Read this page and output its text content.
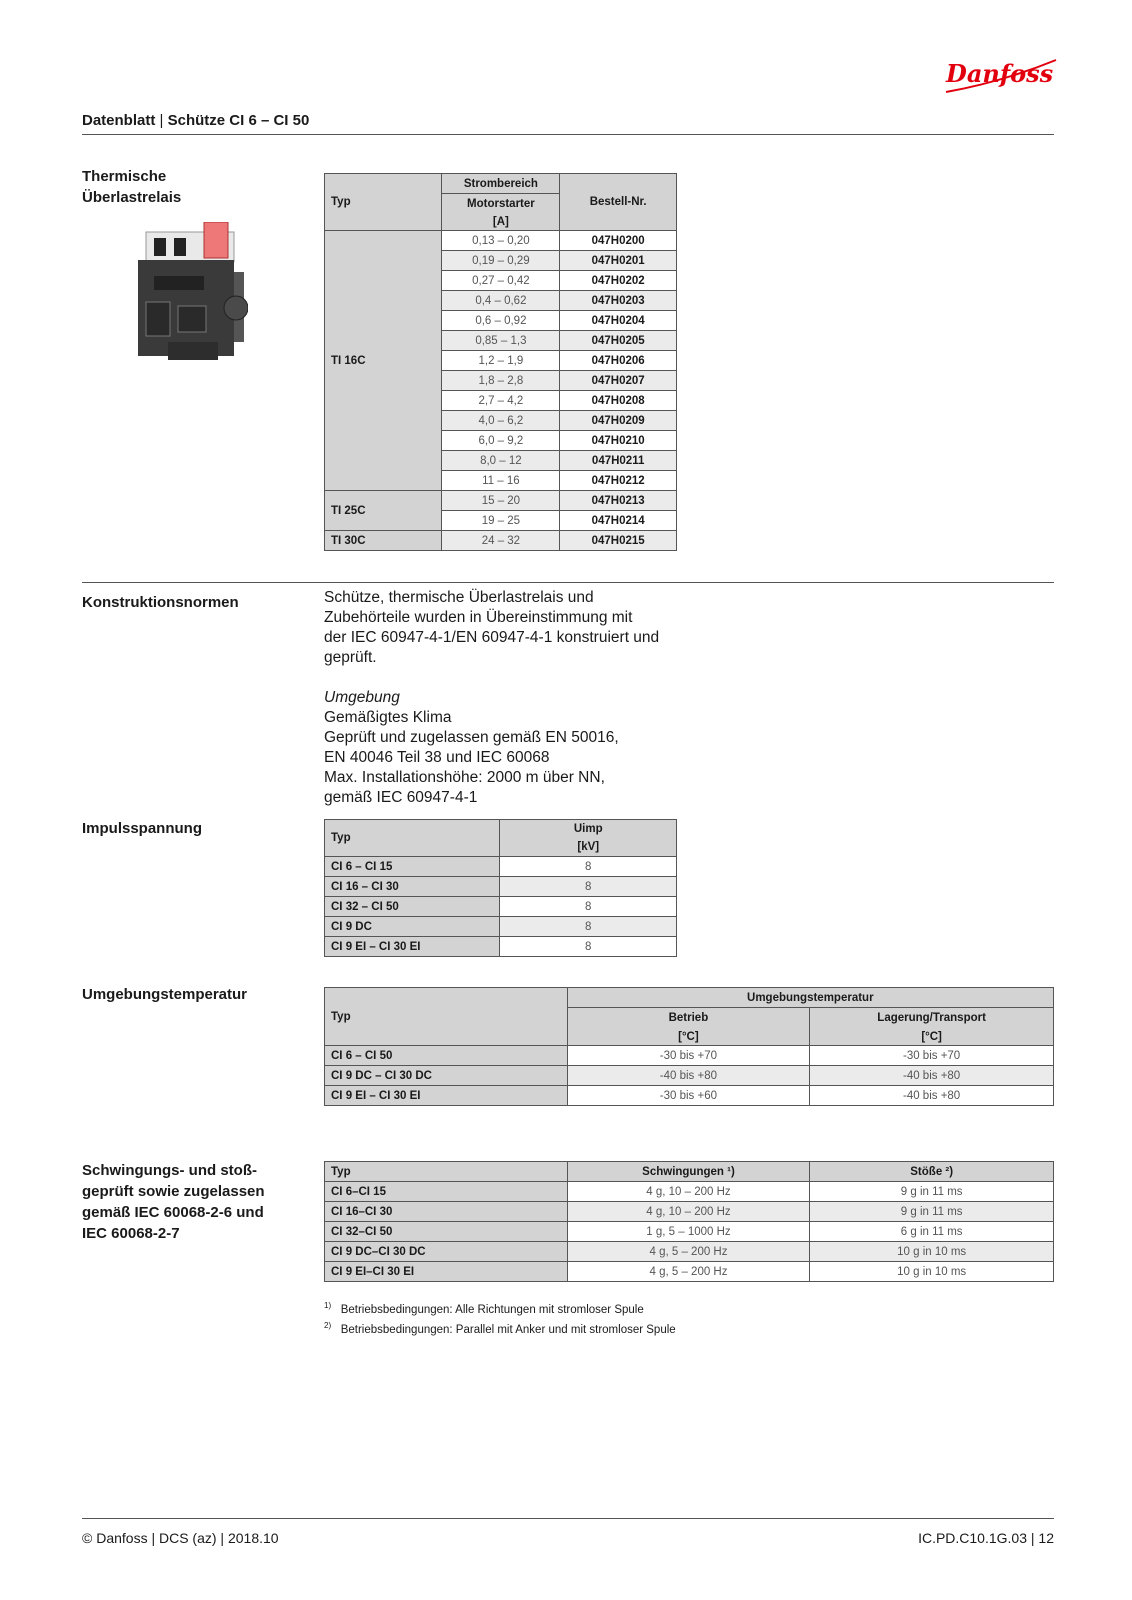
Danfoss
Datenblatt | Schütze CI 6 – CI 50
Thermische
Überlastrelais	Typ	Strombereich	Bestell-Nr.
	Motorstarter	
	[A]	
TI 16C	0,13 – 0,20	047H0200
	0,19 – 0,29	047H0201
	0,27 – 0,42	047H0202
	0,4 – 0,62	047H0203
	0,6 – 0,92	047H0204
	0,85 – 1,3	047H0205
	1,2 – 1,9	047H0206
	1,8 – 2,8	047H0207
	2,7 – 4,2	047H0208
	4,0 – 6,2	047H0209
	6,0 – 9,2	047H0210
	8,0 – 12	047H0211
	11 – 16	047H0212
TI 25C	15 – 20	047H0213
	19 – 25	047H0214
TI 30C	24 – 32	047H0215
Konstruktionsnormen	Schütze, thermische Überlastrelais und

Zubehörteile wurden in Übereinstimmung mit

der IEC 60947-4-1/EN 60947-4-1 konstruiert und

geprüft.

Umgebung

Gemäßigtes Klima

Geprüft und zugelassen gemäß EN 50016,

EN 40046 Teil 38 und IEC 60068

Max. Installationshöhe: 2000 m über NN,

gemäß IEC 60947-4-1

Impulsspannung
Typ	Uimp
	[kV]
CI 6 – CI 15	8
CI 16 – CI 30	8
CI 32 – CI 50	8
CI 9 DC	8
CI 9 EI – CI 30 EI	8
Umgebungstemperatur
Typ	Umgebungstemperatur	
	Betrieb	Lagerung/Transport
	[°C]	[°C]
CI 6 – CI 50	-30 bis +70	-30 bis +70
CI 9 DC – CI 30 DC	-40 bis +80	-40 bis +80
CI 9 EI – CI 30 EI	-30 bis +60	-40 bis +80
Schwingungs- und stoß-
geprüft sowie zugelassen
gemäß IEC 60068-2-6 und
IEC 60068-2-7
Typ	Schwingungen ¹)	Stöße ²)
CI 6–CI 15	4 g, 10 – 200 Hz	9 g in 11 ms
CI 16–CI 30	4 g, 10 – 200 Hz	9 g in 11 ms
CI 32–CI 50	1 g, 5 – 1000 Hz	6 g in 11 ms
CI 9 DC–CI 30 DC	4 g, 5 – 200 Hz	10 g in 10 ms
CI 9 EI–CI 30 EI	4 g, 5 – 200 Hz	10 g in 10 ms
$^{1)}$ Betriebsbedingungen: Alle Richtungen mit stromloser Spule
$^{2)}$ Betriebsbedingungen: Parallel mit Anker und mit stromloser Spule
© Danfoss | DCS (az) | 2018.10	IC.PD.C10.1G.03 | 12
